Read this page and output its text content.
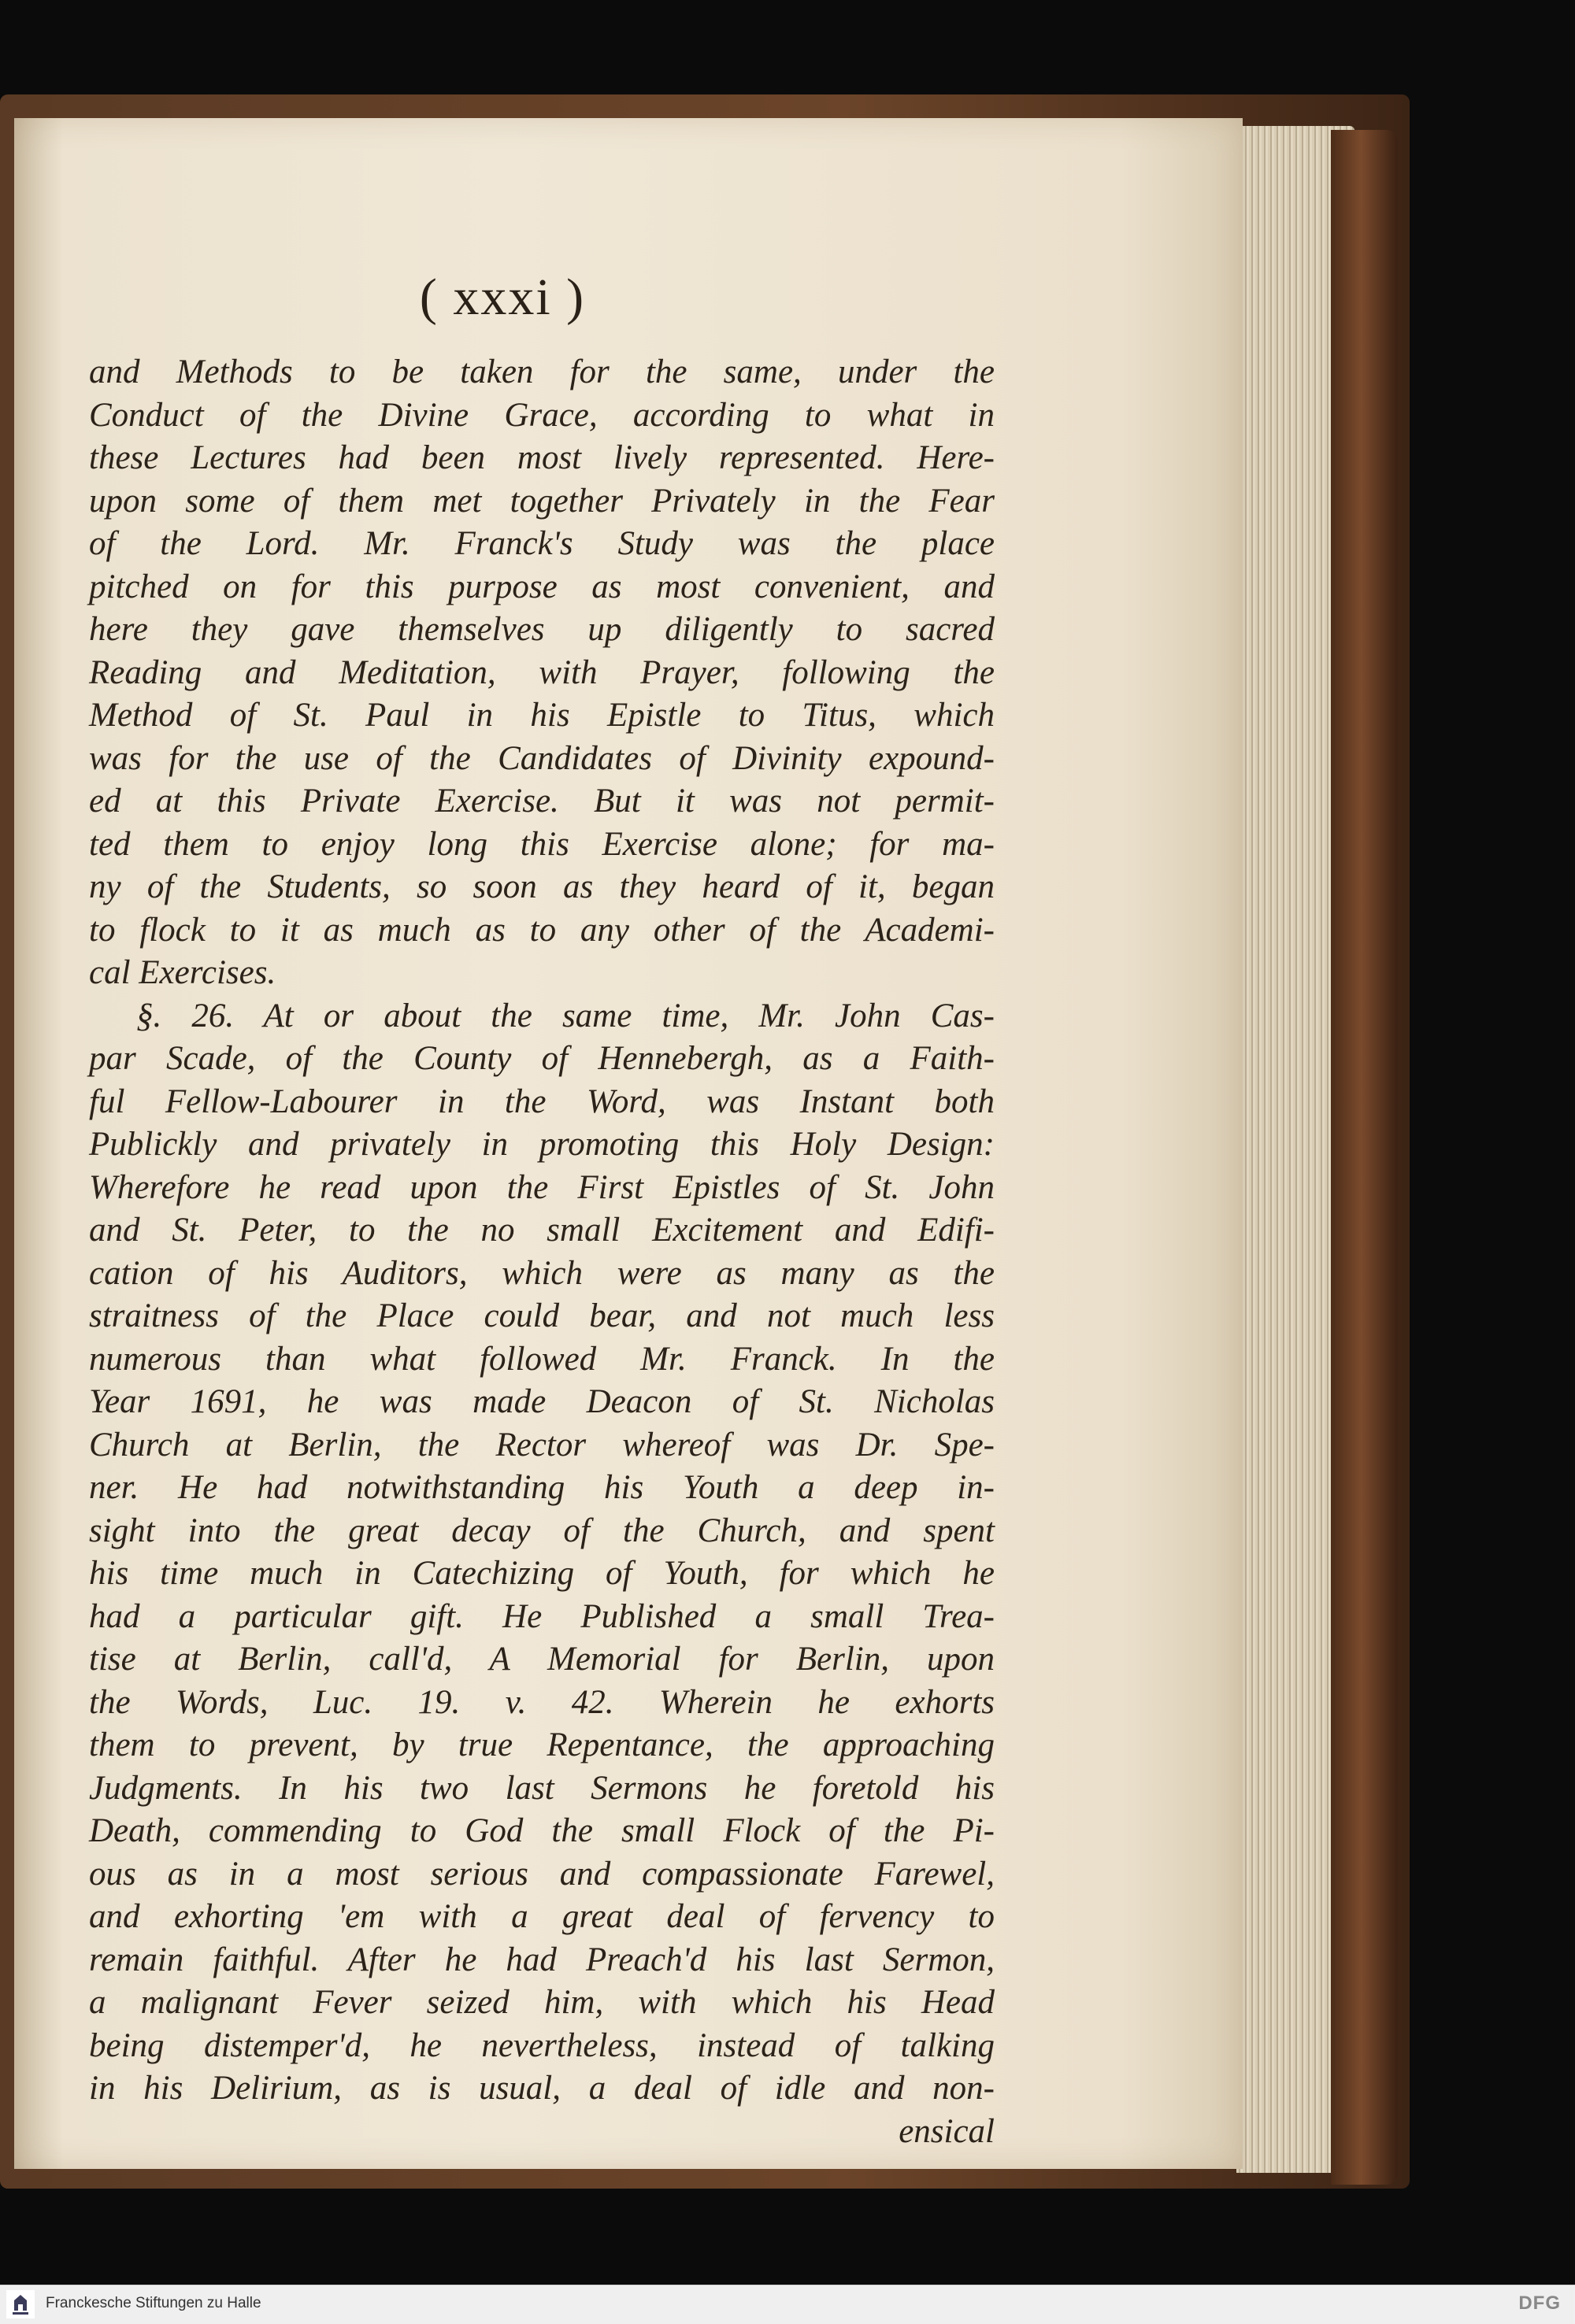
( xxxi )
and Methods to be taken for the same, under the
Conduct of the Divine Grace, according to what in
these Lectures had been most lively represented. Here-
upon some of them met together Privately in the Fear
of the Lord. Mr. Franck's Study was the place
pitched on for this purpose as most convenient, and
here they gave themselves up diligently to sacred
Reading and Meditation, with Prayer, following the
Method of St. Paul in his Epistle to Titus, which
was for the use of the Candidates of Divinity expound-
ed at this Private Exercise. But it was not permit-
ted them to enjoy long this Exercise alone; for ma-
ny of the Students, so soon as they heard of it, began
to flock to it as much as to any other of the Academi-
cal Exercises.
§. 26. At or about the same time, Mr. John Cas-
par Scade, of the County of Hennebergh, as a Faith-
ful Fellow-Labourer in the Word, was Instant both
Publickly and privately in promoting this Holy Design:
Wherefore he read upon the First Epistles of St. John
and St. Peter, to the no small Excitement and Edifi-
cation of his Auditors, which were as many as the
straitness of the Place could bear, and not much less
numerous than what followed Mr. Franck. In the
Year 1691, he was made Deacon of St. Nicholas
Church at Berlin, the Rector whereof was Dr. Spe-
ner. He had notwithstanding his Youth a deep in-
sight into the great decay of the Church, and spent
his time much in Catechizing of Youth, for which he
had a particular gift. He Published a small Trea-
tise at Berlin, call'd, A Memorial for Berlin, upon
the Words, Luc. 19. v. 42. Wherein he exhorts
them to prevent, by true Repentance, the approaching
Judgments. In his two last Sermons he foretold his
Death, commending to God the small Flock of the Pi-
ous as in a most serious and compassionate Farewel,
and exhorting 'em with a great deal of fervency to
remain faithful. After he had Preach'd his last Sermon,
a malignant Fever seized him, with which his Head
being distemper'd, he nevertheless, instead of talking
in his Delirium, as is usual, a deal of idle and non-
ensical
Franckesche Stiftungen zu Halle	DFG
